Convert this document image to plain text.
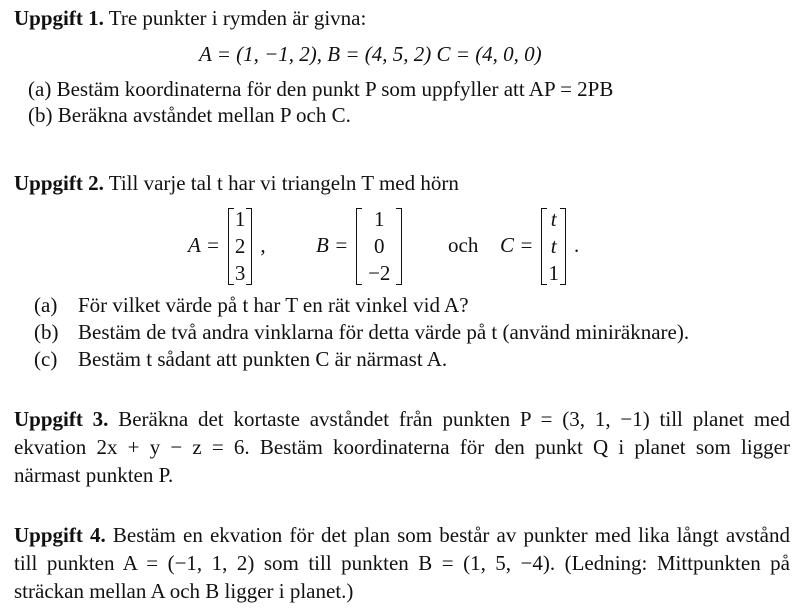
Uppgift 1. Tre punkter i rymden är givna:
A = (1, −1, 2), B = (4, 5, 2) C = (4, 0, 0)
(a) Bestäm koordinaterna för den punkt P som uppfyller att AP = 2PB
(b) Beräkna avståndet mellan P och C.
Uppgift 2. Till varje tal t har vi triangeln T med hörn
A =
1
2
3
, B =
1
0
−2
och C =
t
t
1
.
(a) För vilket värde på t har T en rät vinkel vid A?
(b) Bestäm de två andra vinklarna för detta värde på t (använd miniräknare).
(c) Bestäm t sådant att punkten C är närmast A.
Uppgift 3. Beräkna det kortaste avståndet från punkten P = (3, 1, −1) till planet med
ekvation 2x + y − z = 6. Bestäm koordinaterna för den punkt Q i planet som ligger
närmast punkten P.
Uppgift 4. Bestäm en ekvation för det plan som består av punkter med lika långt avstånd
till punkten A = (−1, 1, 2) som till punkten B = (1, 5, −4). (Ledning: Mittpunkten på
sträckan mellan A och B ligger i planet.)
